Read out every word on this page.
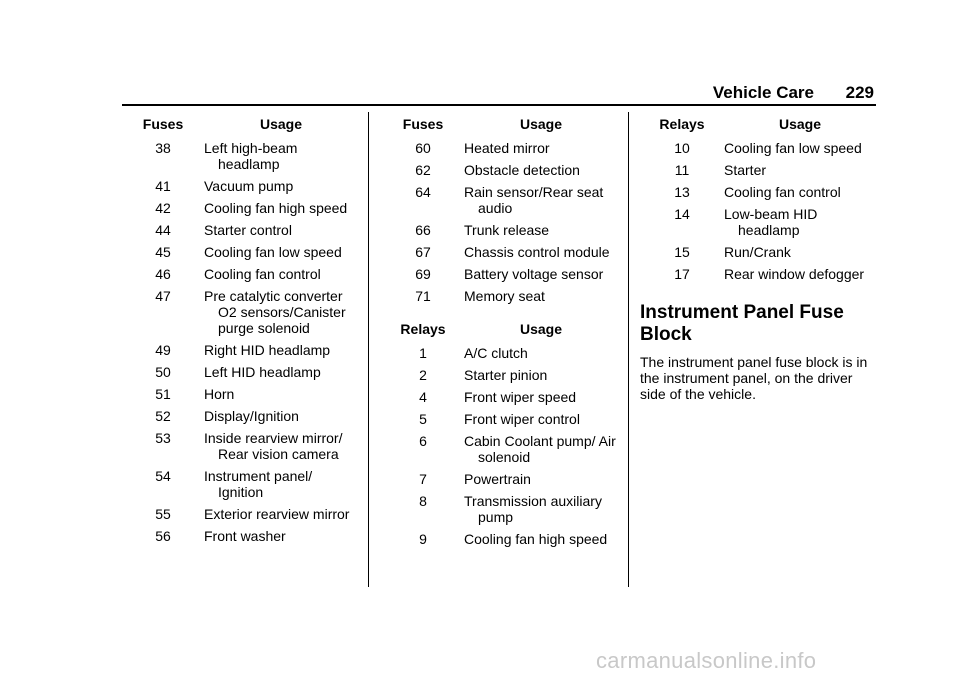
Vehicle Care 229
Fuses	Usage
38	Left high-beam headlamp

41	Vacuum pump

42	Cooling fan high speed

44	Starter control

45	Cooling fan low speed

46	Cooling fan control

47	Pre catalytic converter O2 sensors/Canister purge solenoid

49	Right HID headlamp

50	Left HID headlamp

51	Horn

52	Display/Ignition

53	Inside rearview mirror/ Rear vision camera

54	Instrument panel/ Ignition

55	Exterior rearview mirror

56	Front washer
Fuses	Usage
60	Heated mirror

62	Obstacle detection

64	Rain sensor/Rear seat audio

66	Trunk release

67	Chassis control module

69	Battery voltage sensor

71	Memory seat

Relays	Usage
1	A/C clutch

2	Starter pinion

4	Front wiper speed

5	Front wiper control

6	Cabin Coolant pump/ Air solenoid

7	Powertrain

8	Transmission auxiliary pump

9	Cooling fan high speed
Relays	Usage
10	Cooling fan low speed

11	Starter

13	Cooling fan control

14	Low-beam HID headlamp

15	Run/Crank

17	Rear window defogger
Instrument Panel Fuse Block
The instrument panel fuse block is in the instrument panel, on the driver side of the vehicle.
carmanualsonline.info
